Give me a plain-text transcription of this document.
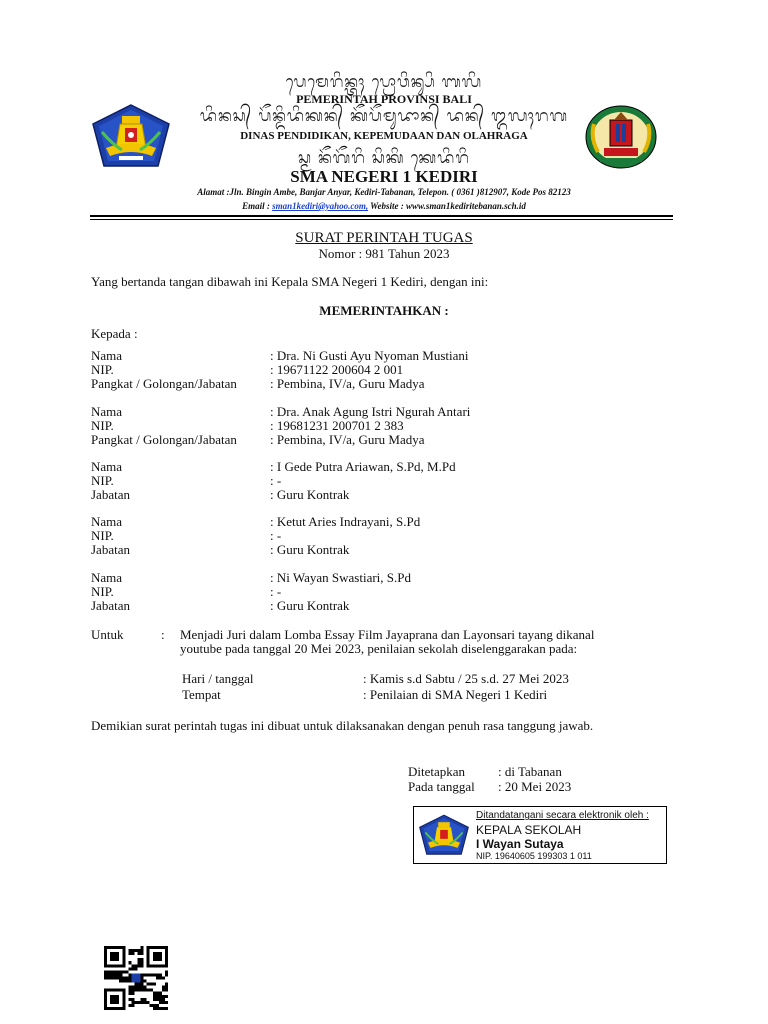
ᬧᬾᬫᬾᬭᬶᬦ᭄ᬢᬄ ᬧ᭄ᬭᭀᬯᬶᬦ᭄ᬲᬶ ᬩᬮᬶ
PEMERINTAH PROVINSI BALI
ᬤᬶᬦᬲ᭄ ᬧᭂᬦ᭄ᬤᬶᬤᬶᬓᬦ᭄ ᬓᭂᬧᭂᬫᬸᬤᬵᬦ᭄ ᬤᬦ᭄ ᬑᬮᬄᬭᬕ
DINAS PENDIDIKAN, KEPEMUDAAN DAN OLAHRAGA
ᬲ᭄ᬫ ᬦᭂᬕᭂᬭᬶ ᬲᬶᬓᬶ ᬓᬾᬤᬶᬭᬶ
SMA NEGERI 1 KEDIRI
Alamat :Jln. Bingin Ambe, Banjar Anyar, Kediri-Tabanan, Telepon. ( 0361 )812907, Kode Pos 82123
Email : sman1kediri@yahoo.com, Website : www.sman1kediritebanan.sch.id
SURAT PERINTAH TUGAS
Nomor : 981 Tahun 2023
Yang bertanda tangan dibawah ini Kepala SMA Negeri 1 Kediri, dengan ini:
MEMERINTAHKAN :
Kepada :
Nama	: Dra. Ni Gusti Ayu Nyoman Mustiani
NIP.	: 19671122 200604 2 001
Pangkat / Golongan/Jabatan	: Pembina, IV/a, Guru Madya
Nama	: Dra. Anak Agung Istri Ngurah Antari
NIP.	: 19681231 200701 2 383
Pangkat / Golongan/Jabatan	: Pembina, IV/a, Guru Madya
Nama	: I Gede Putra Ariawan, S.Pd, M.Pd
NIP.	: -
Jabatan	: Guru Kontrak
Nama	: Ketut Aries Indrayani, S.Pd
NIP.	: -
Jabatan	: Guru Kontrak
Nama	: Ni Wayan Swastiari, S.Pd
NIP.	: -
Jabatan	: Guru Kontrak
Untuk	: Menjadi Juri dalam Lomba Essay Film Jayaprana dan Layonsari tayang dikanal
youtube pada tanggal 20 Mei 2023, penilaian sekolah diselenggarakan pada:
Hari / tanggal	: Kamis s.d Sabtu / 25 s.d. 27 Mei 2023
Tempat	: Penilaian di SMA Negeri 1 Kediri
Demikian surat perintah tugas ini dibuat untuk dilaksanakan dengan penuh rasa tanggung jawab.
Ditetapkan	: di Tabanan
Pada tanggal : 20 Mei 2023
Ditandatangani secara elektronik oleh :
KEPALA SEKOLAH
I Wayan Sutaya
NIP. 19640605 199303 1 011
